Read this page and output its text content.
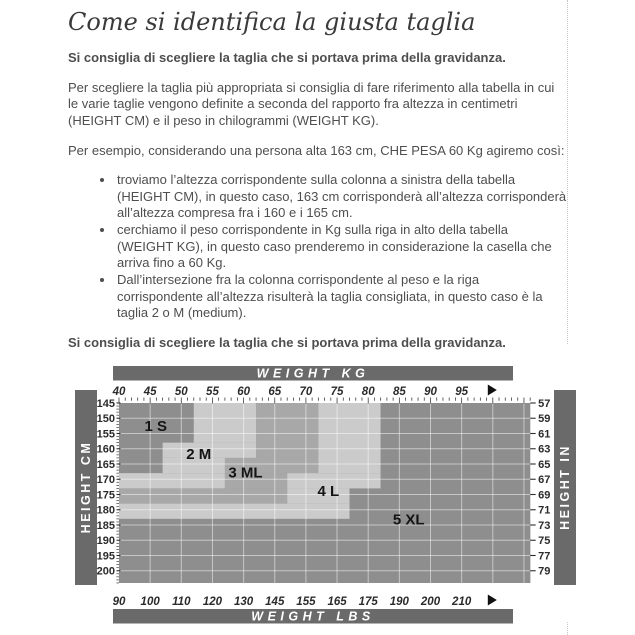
Come si identifica la giusta taglia

Si consiglia di scegliere la taglia che si portava prima della gravidanza.

Per scegliere la taglia più appropriata si consiglia di fare riferimento alla tabella in cui le varie taglie vengono definite a seconda del rapporto fra altezza in centimetri (HEIGHT CM) e il peso in chilogrammi (WEIGHT KG).

Per esempio, considerando una persona alta 163 cm, CHE PESA 60 Kg agiremo così:

• troviamo l’altezza corrispondente sulla colonna a sinistra della tabella (HEIGHT CM), in questo caso, 163 cm corrisponderà all’altezza corrisponderà all’altezza compresa fra i 160 e i 165 cm.
• cerchiamo il peso corrispondente in Kg sulla riga in alto della tabella (WEIGHT KG), in questo caso prenderemo in considerazione la casella che arriva fino a 60 Kg.
• Dall’intersezione fra la colonna corrispondente al peso e la riga corrispondente all’altezza risulterà la taglia consigliata, in questo caso è la taglia 2 o M (medium).

Si consiglia di scegliere la taglia che si portava prima della gravidanza.

1 S
2 M
3 ML
4 L
5 XL
40 45 50 55 60 65 70 75 80 85 90 95
145
150
155
160
165
170
175
180
185
190
195
200
57
59
61
63
65
67
69
71
73
75
77
79
90 100 110 120 130 145 155 165 175 190 200 210
WEIGHT KG
WEIGHT LBS
HEIGHT CM	HEIGHT IN
